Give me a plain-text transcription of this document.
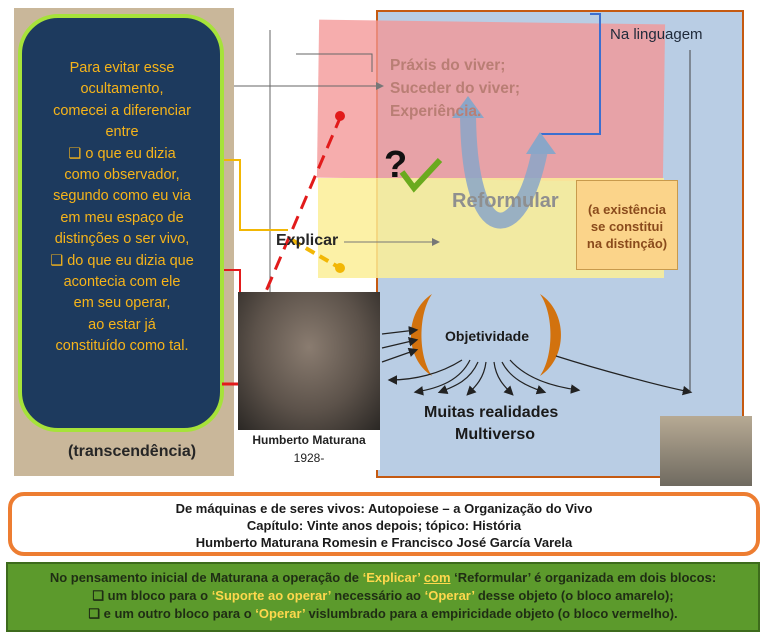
Para evitar esse
ocultamento,
comecei a diferenciar
entre
❑ o que eu dizia
como observador,
segundo como eu via
em meu espaço de
distinções o ser vivo,
❑ do que eu dizia que
acontecia com ele
em seu operar,
ao estar já
constituído como tal.
(transcendência)
Na linguagem
Práxis do viver;
Suceder do viver;
Experiência.
Reformular	(a existência
se constitui
na distinção)
Explicar
?
Humberto Maturana
1928-
Objetividade
Muitas realidades
Multiverso
De máquinas e de seres vivos: Autopoiese – a Organização do Vivo
Capítulo: Vinte anos depois; tópico: História
Humberto Maturana Romesin e Francisco José García Varela
No pensamento inicial de Maturana a operação de ‘Explicar’ com ‘Reformular’ é organizada em dois blocos:
❑ um bloco para o ‘Suporte ao operar’ necessário ao ‘Operar’ desse objeto (o bloco amarelo);
❑ e um outro bloco para o ‘Operar’ vislumbrado para a empiricidade objeto (o bloco vermelho).
